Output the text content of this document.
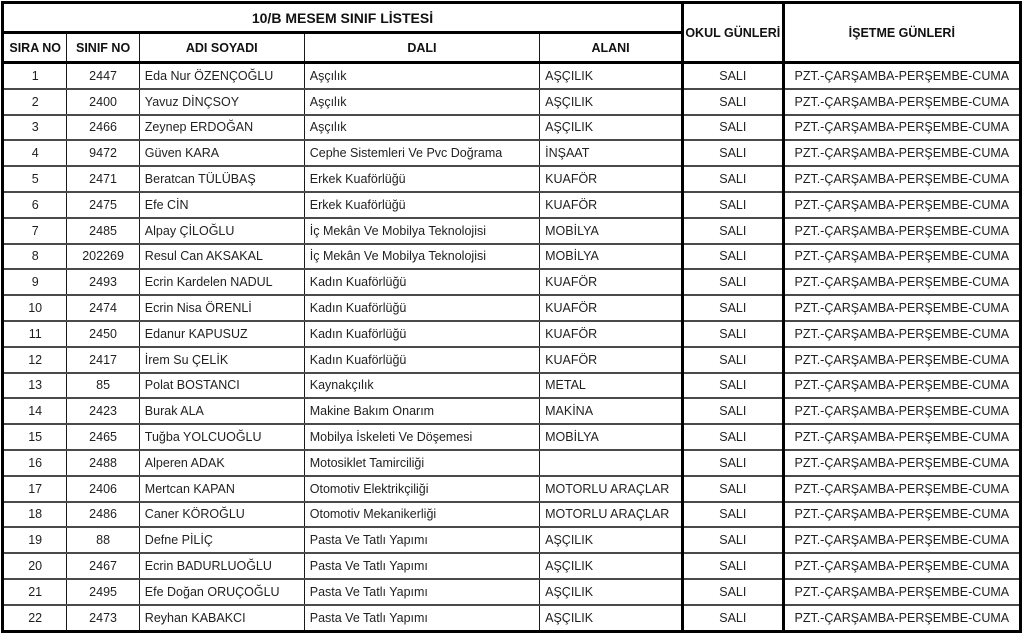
10/B MESEM SINIF LİSTESİ					OKUL GÜNLERİ	İŞETME GÜNLERİ
SIRA NO	SINIF NO	ADI SOYADI	DALI	ALANI		
1	2447	Eda Nur ÖZENÇOĞLU	Aşçılık	AŞÇILIK	SALI	PZT.-ÇARŞAMBA-PERŞEMBE-CUMA
2	2400	Yavuz DİNÇSOY	Aşçılık	AŞÇILIK	SALI	PZT.-ÇARŞAMBA-PERŞEMBE-CUMA
3	2466	Zeynep ERDOĞAN	Aşçılık	AŞÇILIK	SALI	PZT.-ÇARŞAMBA-PERŞEMBE-CUMA
4	9472	Güven KARA	Cephe Sistemleri Ve Pvc Doğrama	İNŞAAT	SALI	PZT.-ÇARŞAMBA-PERŞEMBE-CUMA
5	2471	Beratcan TÜLÜBAŞ	Erkek Kuaförlüğü	KUAFÖR	SALI	PZT.-ÇARŞAMBA-PERŞEMBE-CUMA
6	2475	Efe CİN	Erkek Kuaförlüğü	KUAFÖR	SALI	PZT.-ÇARŞAMBA-PERŞEMBE-CUMA
7	2485	Alpay ÇİLOĞLU	İç Mekân Ve Mobilya Teknolojisi	MOBİLYA	SALI	PZT.-ÇARŞAMBA-PERŞEMBE-CUMA
8	202269	Resul Can AKSAKAL	İç Mekân Ve Mobilya Teknolojisi	MOBİLYA	SALI	PZT.-ÇARŞAMBA-PERŞEMBE-CUMA
9	2493	Ecrin Kardelen NADUL	Kadın Kuaförlüğü	KUAFÖR	SALI	PZT.-ÇARŞAMBA-PERŞEMBE-CUMA
10	2474	Ecrin Nisa ÖRENLİ	Kadın Kuaförlüğü	KUAFÖR	SALI	PZT.-ÇARŞAMBA-PERŞEMBE-CUMA
11	2450	Edanur KAPUSUZ	Kadın Kuaförlüğü	KUAFÖR	SALI	PZT.-ÇARŞAMBA-PERŞEMBE-CUMA
12	2417	İrem Su ÇELİK	Kadın Kuaförlüğü	KUAFÖR	SALI	PZT.-ÇARŞAMBA-PERŞEMBE-CUMA
13	85	Polat BOSTANCI	Kaynakçılık	METAL	SALI	PZT.-ÇARŞAMBA-PERŞEMBE-CUMA
14	2423	Burak ALA	Makine Bakım Onarım	MAKİNA	SALI	PZT.-ÇARŞAMBA-PERŞEMBE-CUMA
15	2465	Tuğba YOLCUOĞLU	Mobilya İskeleti Ve Döşemesi	MOBİLYA	SALI	PZT.-ÇARŞAMBA-PERŞEMBE-CUMA
16	2488	Alperen ADAK	Motosiklet Tamirciliği		SALI	PZT.-ÇARŞAMBA-PERŞEMBE-CUMA
17	2406	Mertcan KAPAN	Otomotiv Elektrikçiliği	MOTORLU ARAÇLAR	SALI	PZT.-ÇARŞAMBA-PERŞEMBE-CUMA
18	2486	Caner KÖROĞLU	Otomotiv Mekanikerliği	MOTORLU ARAÇLAR	SALI	PZT.-ÇARŞAMBA-PERŞEMBE-CUMA
19	88	Defne PİLİÇ	Pasta Ve Tatlı Yapımı	AŞÇILIK	SALI	PZT.-ÇARŞAMBA-PERŞEMBE-CUMA
20	2467	Ecrin BADURLUOĞLU	Pasta Ve Tatlı Yapımı	AŞÇILIK	SALI	PZT.-ÇARŞAMBA-PERŞEMBE-CUMA
21	2495	Efe Doğan ORUÇOĞLU	Pasta Ve Tatlı Yapımı	AŞÇILIK	SALI	PZT.-ÇARŞAMBA-PERŞEMBE-CUMA
22	2473	Reyhan KABAKCI	Pasta Ve Tatlı Yapımı	AŞÇILIK	SALI	PZT.-ÇARŞAMBA-PERŞEMBE-CUMA
